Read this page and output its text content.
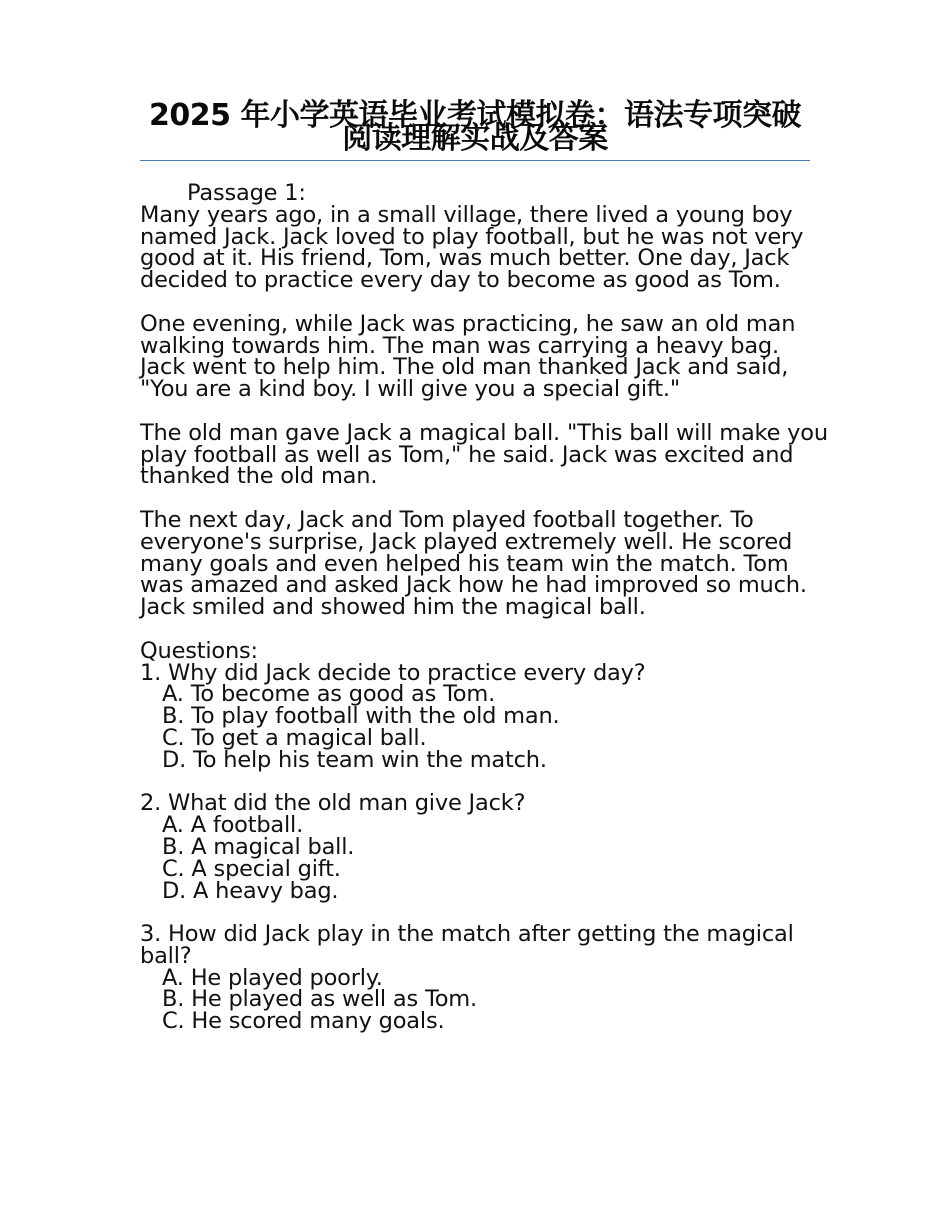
2025 年小学英语毕业考试模拟卷：语法专项突破阅读理解实战及答案

Passage 1:

Many years ago, in a small village, there lived a young boy named Jack. Jack loved to play football, but he was not very good at it. His friend, Tom, was much better. One day, Jack decided to practice every day to become as good as Tom.

One evening, while Jack was practicing, he saw an old man walking towards him. The man was carrying a heavy bag. Jack went to help him. The old man thanked Jack and said, "You are a kind boy. I will give you a special gift."

The old man gave Jack a magical ball. "This ball will make you play football as well as Tom," he said. Jack was excited and thanked the old man.

The next day, Jack and Tom played football together. To everyone's surprise, Jack played extremely well. He scored many goals and even helped his team win the match. Tom was amazed and asked Jack how he had improved so much. Jack smiled and showed him the magical ball.

Questions:

1. Why did Jack decide to practice every day?

A. To become as good as Tom.

B. To play football with the old man.

C. To get a magical ball.

D. To help his team win the match.

2. What did the old man give Jack?

A. A football.

B. A magical ball.

C. A special gift.

D. A heavy bag.

3. How did Jack play in the match after getting the magical ball?

A. He played poorly.

B. He played as well as Tom.

C. He scored many goals.
